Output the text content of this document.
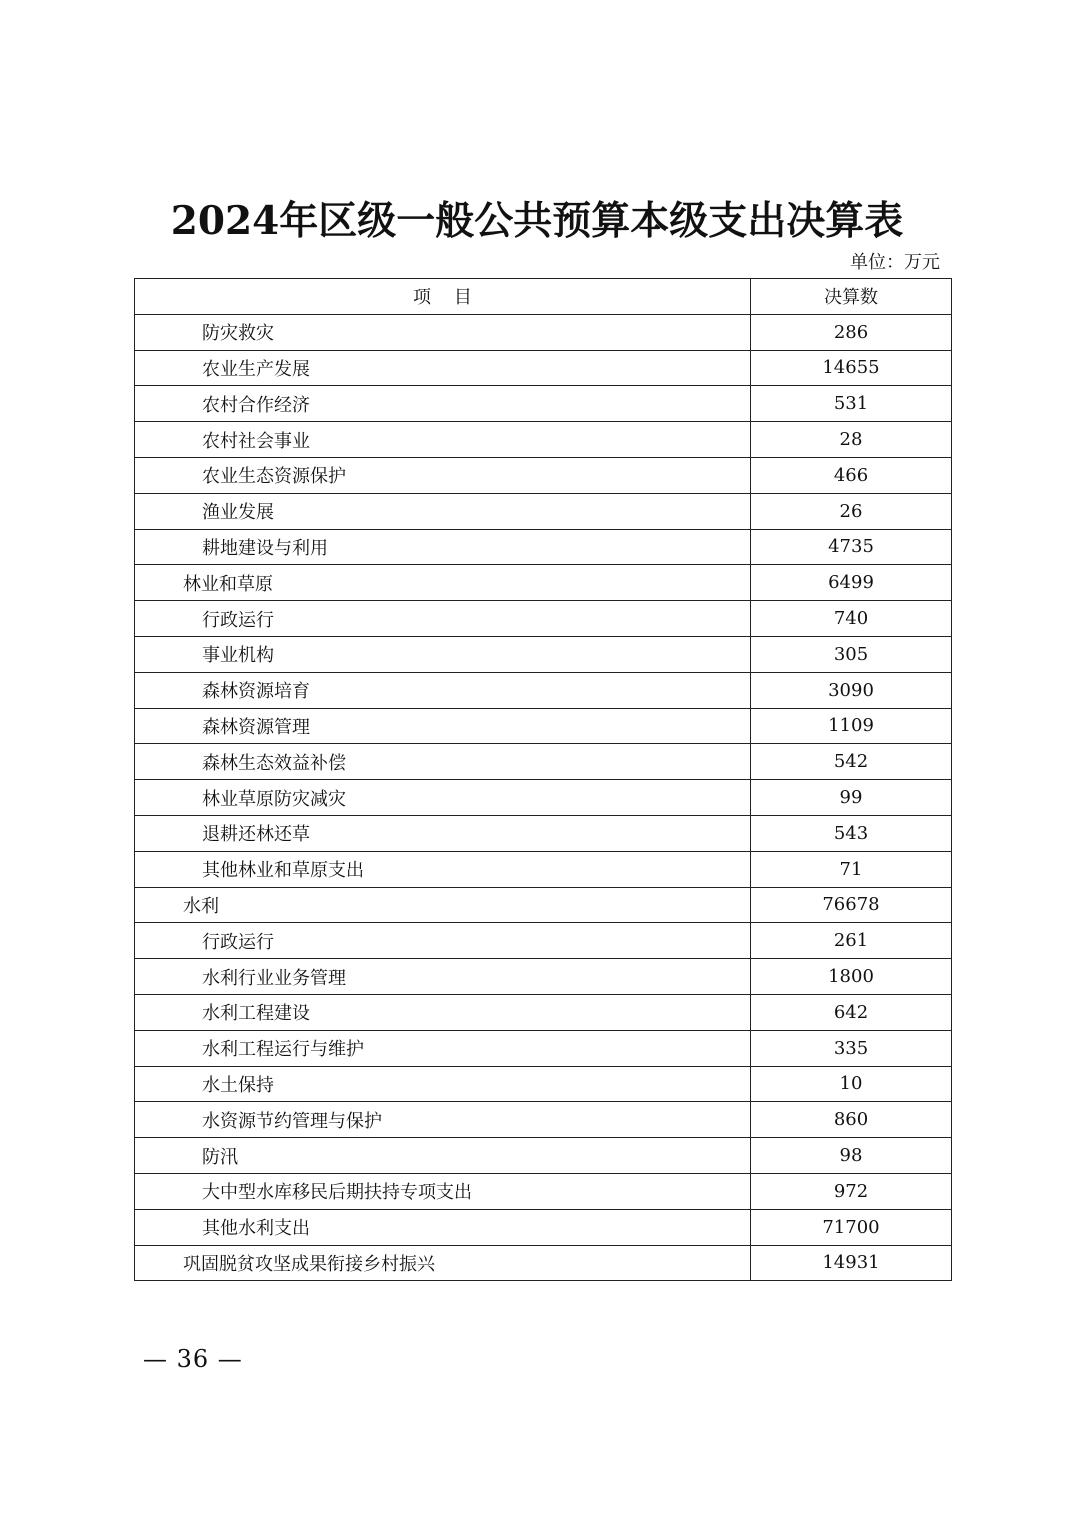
2024年区级一般公共预算本级支出决算表
单位：万元
项    目	决算数
防灾救灾	286
农业生产发展	14655
农村合作经济	531
农村社会事业	28
农业生态资源保护	466
渔业发展	26
耕地建设与利用	4735
林业和草原	6499
行政运行	740
事业机构	305
森林资源培育	3090
森林资源管理	1109
森林生态效益补偿	542
林业草原防灾减灾	99
退耕还林还草	543
其他林业和草原支出	71
水利	76678
行政运行	261
水利行业业务管理	1800
水利工程建设	642
水利工程运行与维护	335
水土保持	10
水资源节约管理与保护	860
防汛	98
大中型水库移民后期扶持专项支出	972
其他水利支出	71700
巩固脱贫攻坚成果衔接乡村振兴	14931
— 36 —
